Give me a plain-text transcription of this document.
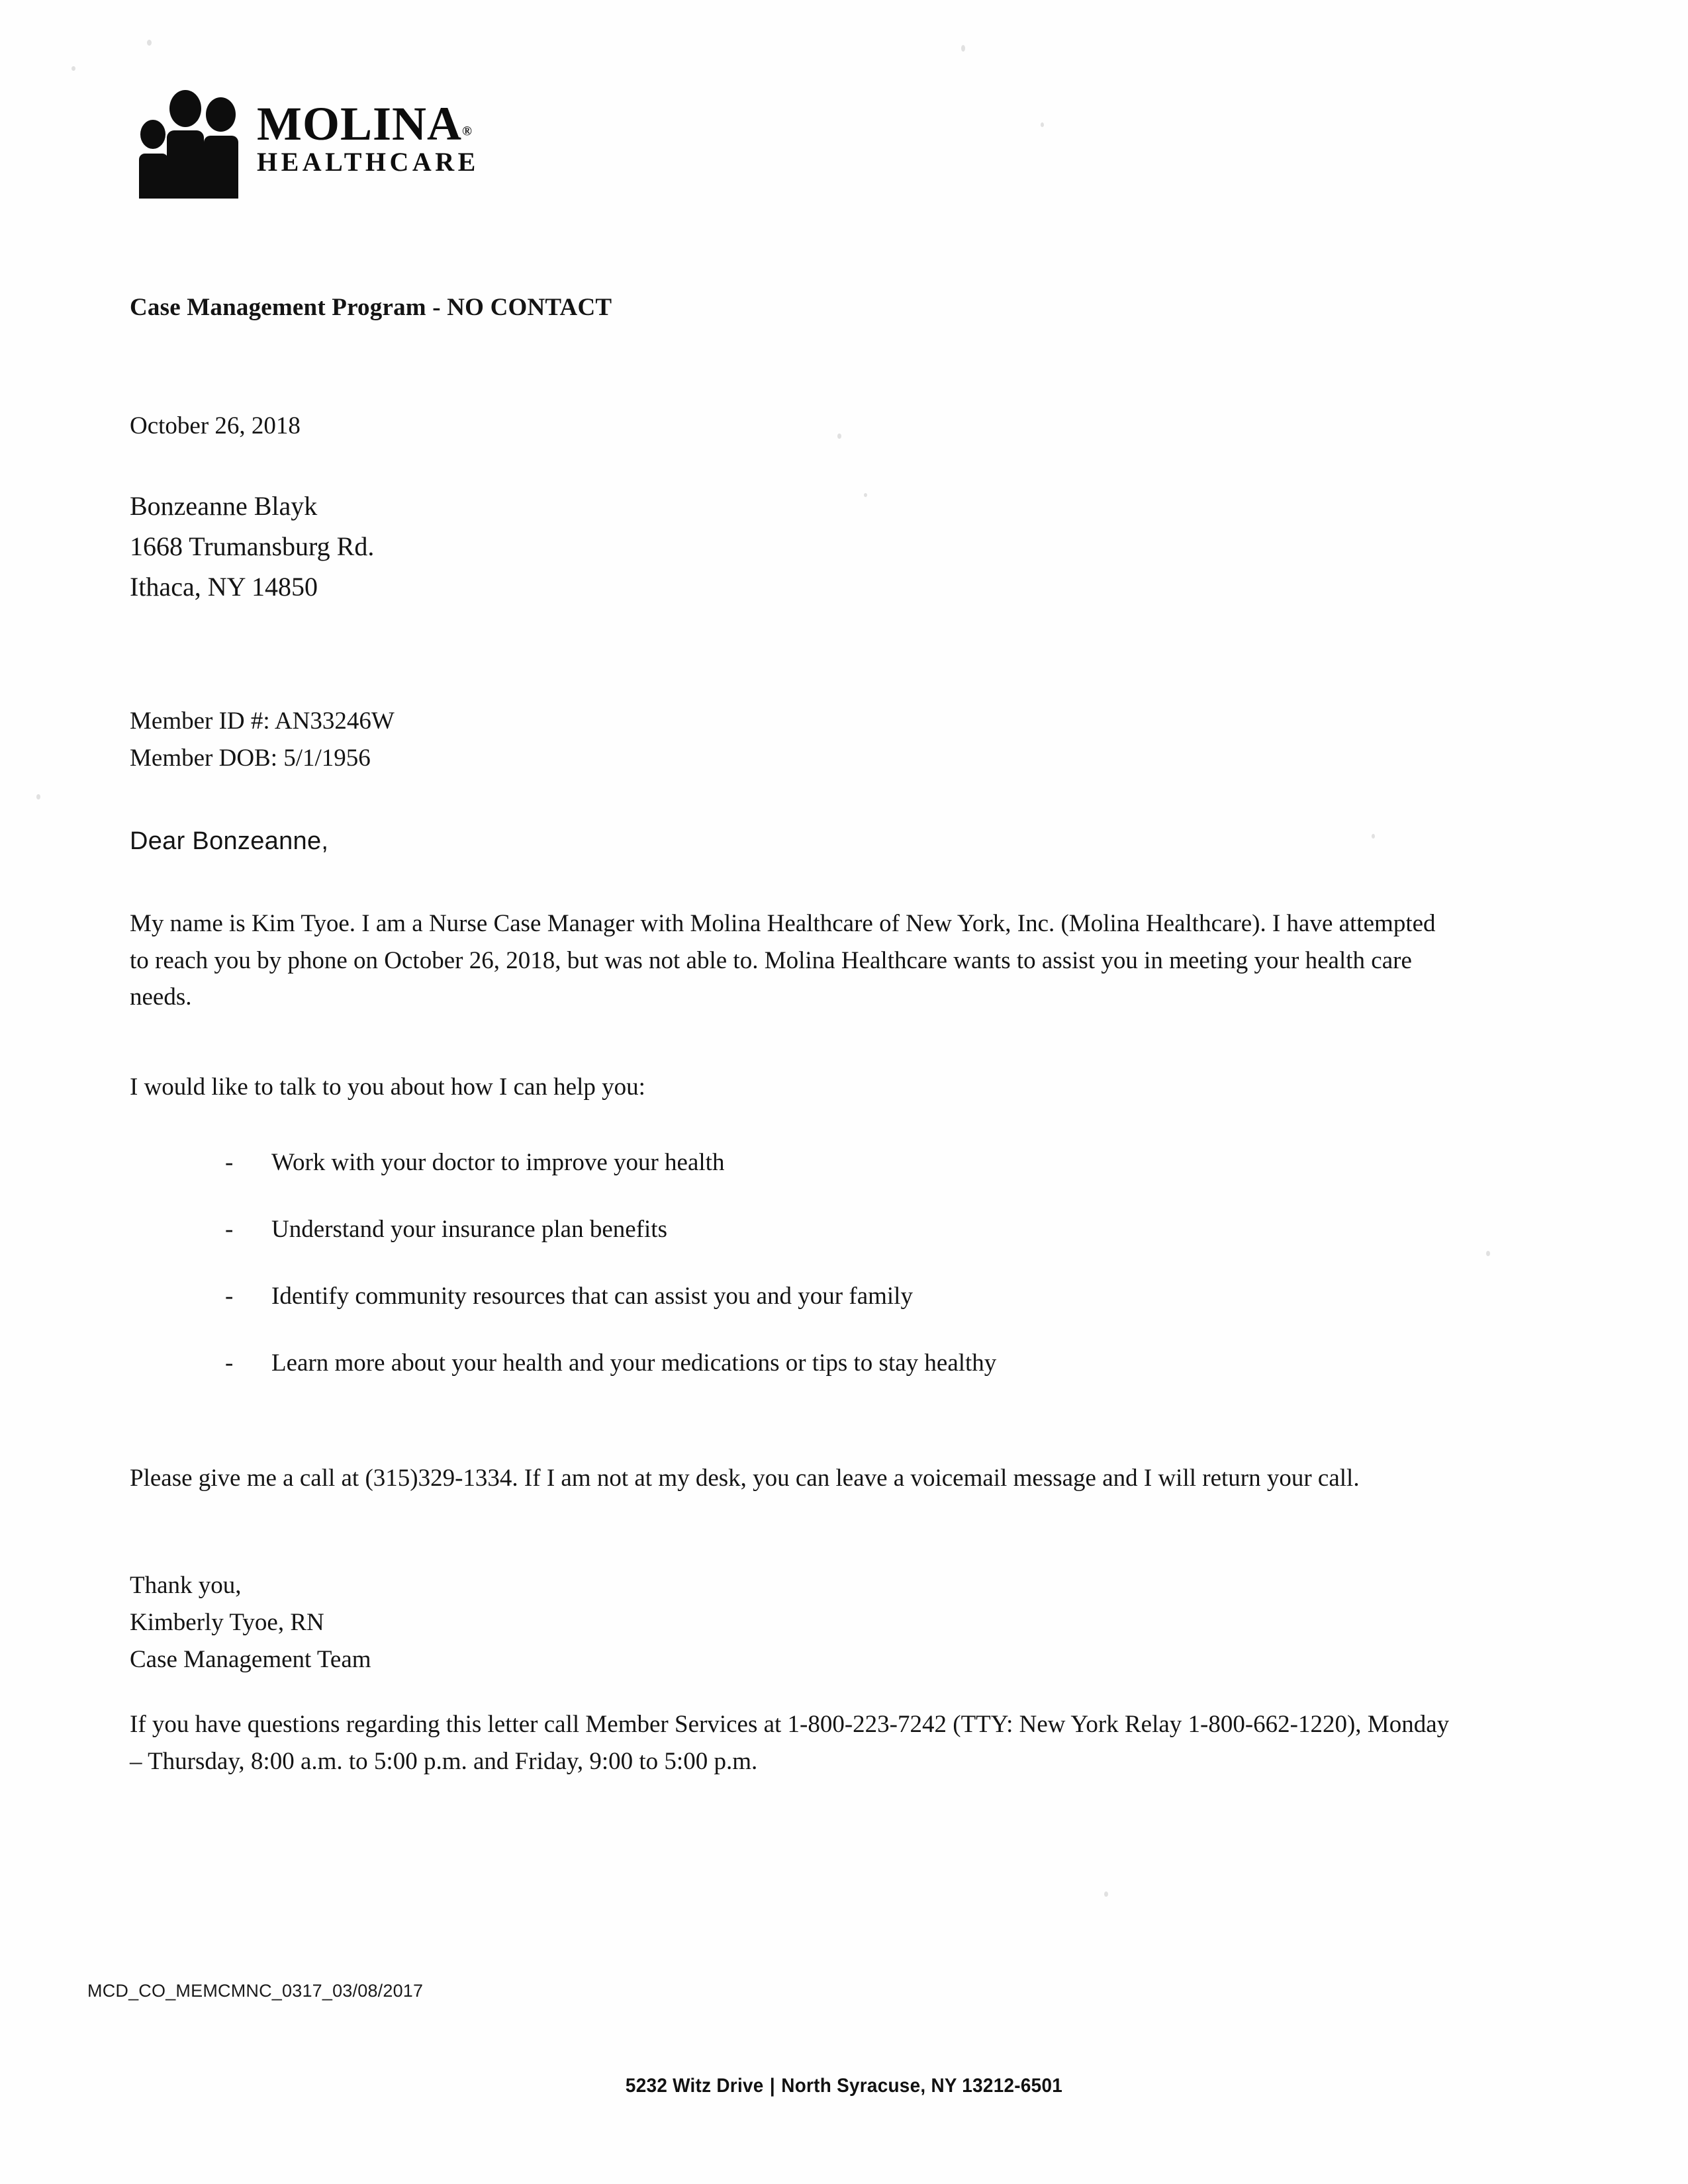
MOLINA®
HEALTHCARE
Case Management Program - NO CONTACT
October 26, 2018
Bonzeanne Blayk
1668 Trumansburg Rd.
Ithaca, NY 14850
Member ID #: AN33246W
Member DOB: 5/1/1956
Dear Bonzeanne,
My name is Kim Tyoe. I am a Nurse Case Manager with Molina Healthcare of New York, Inc. (Molina Healthcare). I have attempted to reach you by phone on October 26, 2018, but was not able to. Molina Healthcare wants to assist you in meeting your health care needs.
I would like to talk to you about how I can help you:
-	Work with your doctor to improve your health
-	Understand your insurance plan benefits
-	Identify community resources that can assist you and your family
-	Learn more about your health and your medications or tips to stay healthy
Please give me a call at (315)329-1334. If I am not at my desk, you can leave a voicemail message and I will return your call.
Thank you,
Kimberly Tyoe, RN
Case Management Team
If you have questions regarding this letter call Member Services at 1-800-223-7242 (TTY: New York Relay 1-800-662-1220), Monday – Thursday, 8:00 a.m. to 5:00 p.m. and Friday, 9:00 to 5:00 p.m.
MCD_CO_MEMCMNC_0317_03/08/2017
5232 Witz Drive | North Syracuse, NY 13212-6501
